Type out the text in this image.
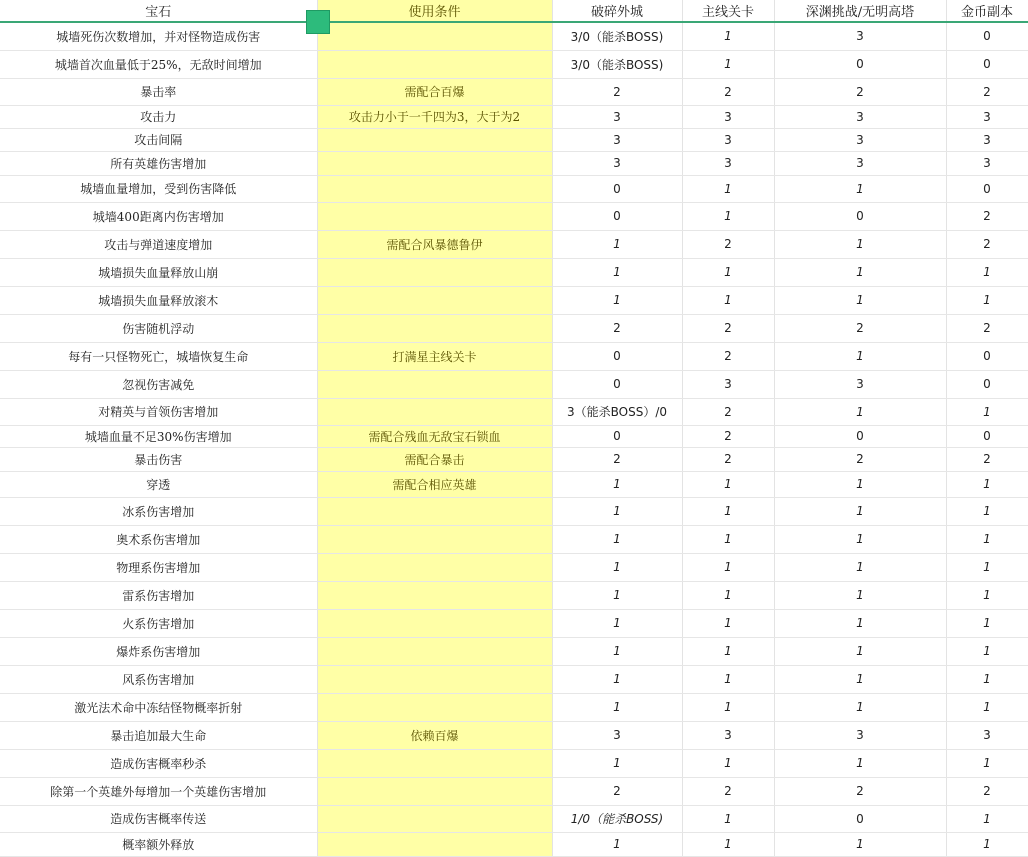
宝石	使用条件	破碎外城	主线关卡	深渊挑战/无明高塔	金币副本
城墙死伤次数增加，并对怪物造成伤害		3/0（能杀BOSS)	1	3	0
城墙首次血量低于25%，无敌时间增加		3/0（能杀BOSS)	1	0	0
暴击率	需配合百爆	2	2	2	2
攻击力	攻击力小于一千四为3，大于为2	3	3	3	3
攻击间隔		3	3	3	3
所有英雄伤害增加		3	3	3	3
城墙血量增加，受到伤害降低		0	1	1	0
城墙400距离内伤害增加		0	1	0	2
攻击与弹道速度增加	需配合风暴德鲁伊	1	2	1	2
城墙损失血量释放山崩		1	1	1	1
城墙损失血量释放滚木		1	1	1	1
伤害随机浮动		2	2	2	2
每有一只怪物死亡，城墙恢复生命	打满星主线关卡	0	2	1	0
忽视伤害减免		0	3	3	0
对精英与首领伤害增加		3（能杀BOSS）/0	2	1	1
城墙血量不足30%伤害增加	需配合残血无敌宝石锁血	0	2	0	0
暴击伤害	需配合暴击	2	2	2	2
穿透	需配合相应英雄	1	1	1	1
冰系伤害增加		1	1	1	1
奥术系伤害增加		1	1	1	1
物理系伤害增加		1	1	1	1
雷系伤害增加		1	1	1	1
火系伤害增加		1	1	1	1
爆炸系伤害增加		1	1	1	1
风系伤害增加		1	1	1	1
激光法术命中冻结怪物概率折射		1	1	1	1
暴击追加最大生命	依赖百爆	3	3	3	3
造成伤害概率秒杀		1	1	1	1
除第一个英雄外每增加一个英雄伤害增加		2	2	2	2
造成伤害概率传送		1/0（能杀BOSS)	1	0	1
概率额外释放		1	1	1	1
